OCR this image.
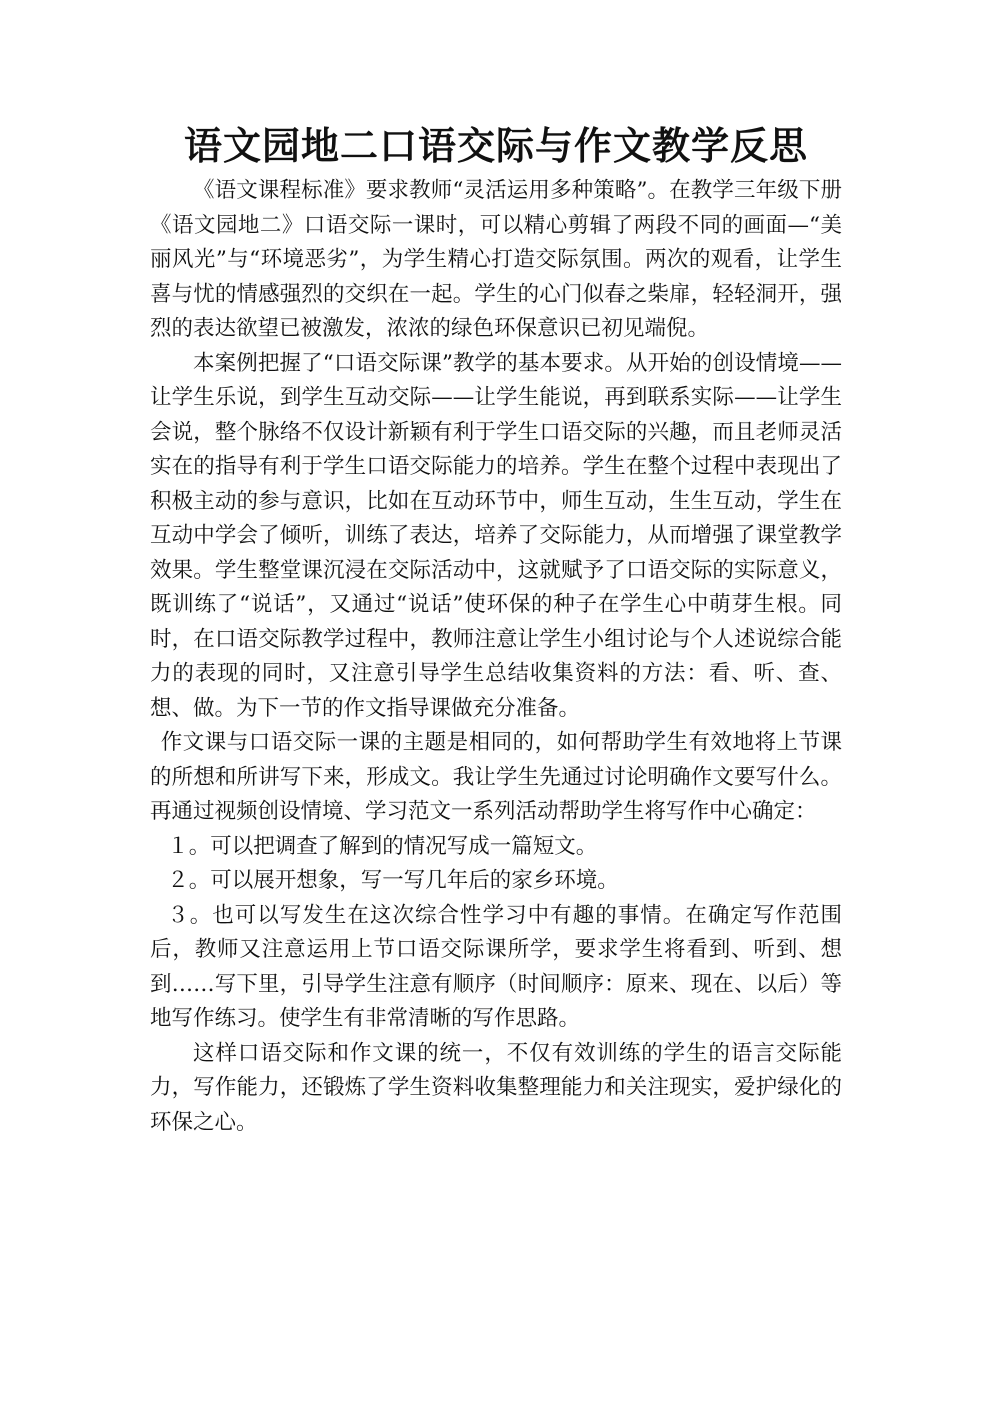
语文园地二口语交际与作文教学反思

《语文课程标准》要求教师“灵活运用多种策略”。在教学三年级下册《语文园地二》口语交际一课时，可以精心剪辑了两段不同的画面—“美丽风光”与“环境恶劣”，为学生精心打造交际氛围。两次的观看，让学生喜与忧的情感强烈的交织在一起。学生的心门似春之柴扉，轻轻洞开，强烈的表达欲望已被激发，浓浓的绿色环保意识已初见端倪。

本案例把握了“口语交际课”教学的基本要求。从开始的创设情境——让学生乐说，到学生互动交际——让学生能说，再到联系实际——让学生会说，整个脉络不仅设计新颖有利于学生口语交际的兴趣，而且老师灵活实在的指导有利于学生口语交际能力的培养。学生在整个过程中表现出了积极主动的参与意识，比如在互动环节中，师生互动，生生互动，学生在互动中学会了倾听，训练了表达，培养了交际能力，从而增强了课堂教学效果。学生整堂课沉浸在交际活动中，这就赋予了口语交际的实际意义，既训练了“说话”，又通过“说话”使环保的种子在学生心中萌芽生根。同时，在口语交际教学过程中，教师注意让学生小组讨论与个人述说综合能力的表现的同时，又注意引导学生总结收集资料的方法：看、听、查、想、做。为下一节的作文指导课做充分准备。

作文课与口语交际一课的主题是相同的，如何帮助学生有效地将上节课的所想和所讲写下来，形成文。我让学生先通过讨论明确作文要写什么。再通过视频创设情境、学习范文一系列活动帮助学生将写作中心确定：

１。可以把调查了解到的情况写成一篇短文。

２。可以展开想象，写一写几年后的家乡环境。

３。也可以写发生在这次综合性学习中有趣的事情。在确定写作范围后，教师又注意运用上节口语交际课所学，要求学生将看到、听到、想到……写下里，引导学生注意有顺序（时间顺序：原来、现在、以后）等地写作练习。使学生有非常清晰的写作思路。

这样口语交际和作文课的统一，不仅有效训练的学生的语言交际能力，写作能力，还锻炼了学生资料收集整理能力和关注现实，爱护绿化的环保之心。
